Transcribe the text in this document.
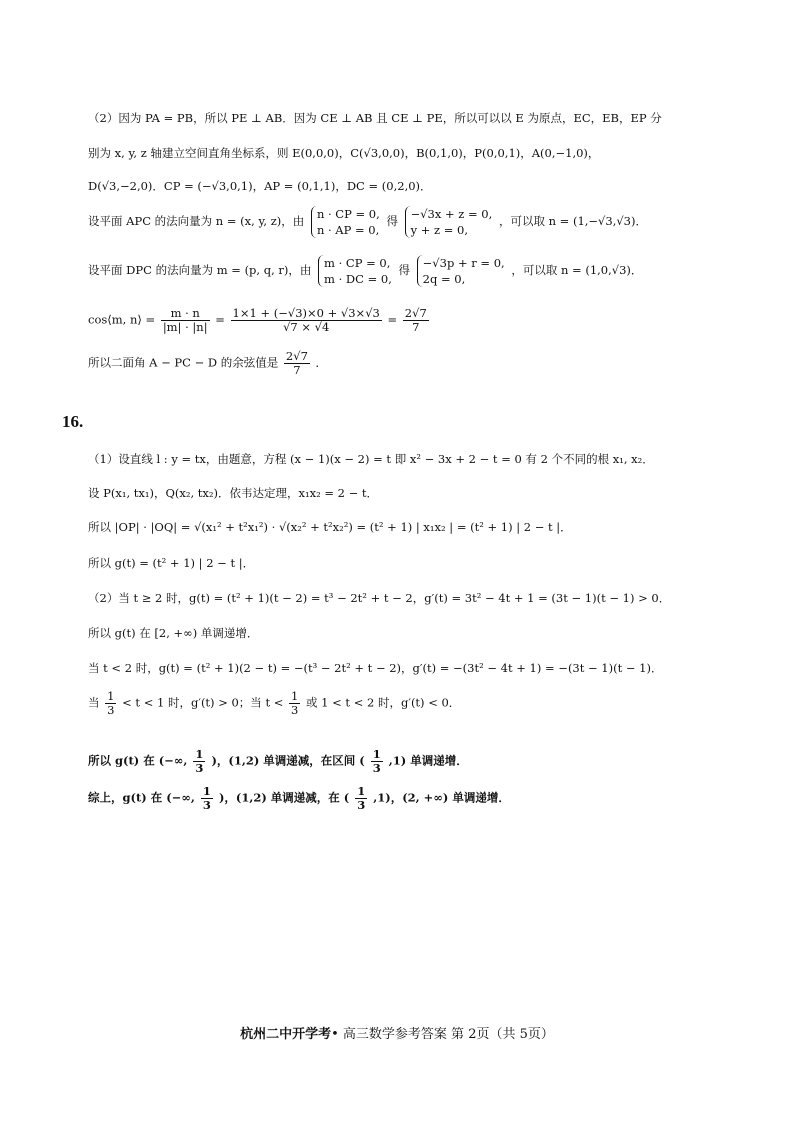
（2）因为 PA = PB，所以 PE ⊥ AB．因为 CE ⊥ AB 且 CE ⊥ PE，所以可以以 E 为原点，EC，EB，EP 分
别为 x, y, z 轴建立空间直角坐标系，则 E(0,0,0)，C(√3,0,0)，B(0,1,0)，P(0,0,1)，A(0,−1,0)，
D(√3,−2,0)．CP = (−√3,0,1)，AP = (0,1,1)，DC = (0,2,0)．
设平面 APC 的法向量为 n = (x, y, z)，由 n · CP = 0,
n · AP = 0,
得 −√3x + z = 0,
y + z = 0,
，可以取 n = (1,−√3,√3)．
设平面 DPC 的法向量为 m = (p, q, r)，由 m · CP = 0,
m · DC = 0,
得 −√3p + r = 0,
2q = 0,
，可以取 n = (1,0,√3)．
cos⟨m, n⟩ = $\frac{m \cdot n}{|m| \cdot |n|} = \frac{1\times 1 + (-√3)\times 0 + √3\times√3}{√7 \times √4} = \frac{2√7}{7}$
所以二面角 A − PC − D 的余弦值是 $\frac{2√7}{7}$ ．
16.
（1）设直线 l : y = tx，由题意，方程 (x − 1)(x − 2) = t 即 x² − 3x + 2 − t = 0 有 2 个不同的根 x₁, x₂．
设 P(x₁, tx₁)，Q(x₂, tx₂)．依韦达定理，x₁x₂ = 2 − t．
所以 |OP| · |OQ| = √(x₁² + t²x₁²) · √(x₂² + t²x₂²) = (t² + 1) | x₁x₂ | = (t² + 1) | 2 − t |．
所以 g(t) = (t² + 1) | 2 − t |．
（2）当 t ≥ 2 时，g(t) = (t² + 1)(t − 2) = t³ − 2t² + t − 2，g′(t) = 3t² − 4t + 1 = (3t − 1)(t − 1) > 0．
所以 g(t) 在 [2, +∞) 单调递增．
当 t < 2 时，g(t) = (t² + 1)(2 − t) = −(t³ − 2t² + t − 2)，g′(t) = −(3t² − 4t + 1) = −(3t − 1)(t − 1)．
当 $\frac{1}{3} < t < 1$ 时，g′(t) > 0；当 $t < \frac{1}{3}$ 或 1 < t < 2 时，g′(t) < 0．
所以 g(t) 在 (−∞, $\frac{1}{3}$ )，(1,2) 单调递减，在区间 ( $\frac{1}{3} ,1$) 单调递增．
综上，g(t) 在 (−∞, $\frac{1}{3}$ )，(1,2) 单调递减，在 ( $\frac{1}{3} ,1$)，(2, +∞) 单调递增．
杭州二中开学考• 高三数学参考答案 第 2页（共 5页）
